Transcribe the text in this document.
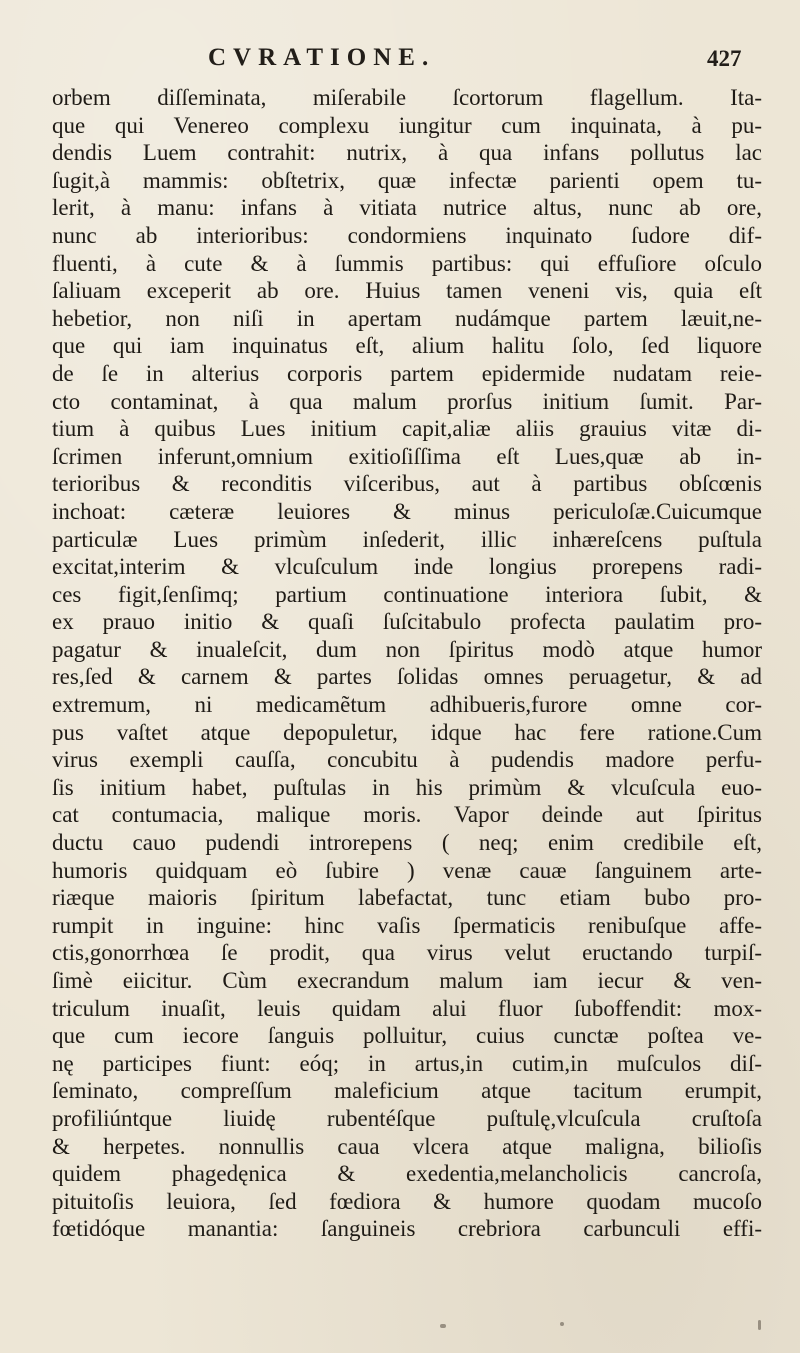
CVRATIONE.	427
orbem diſſeminata, miſerabile ſcortorum flagellum. Ita-
que qui Venereo complexu iungitur cum inquinata, à pu-
dendis Luem contrahit: nutrix, à qua infans pollutus lac
ſugit,à mammis: obſtetrix, quæ infectæ parienti opem tu-
lerit, à manu: infans à vitiata nutrice altus, nunc ab ore,
nunc ab interioribus: condormiens inquinato ſudore dif-
fluenti, à cute & à ſummis partibus: qui effuſiore oſculo
ſaliuam exceperit ab ore. Huius tamen veneni vis, quia eſt
hebetior, non niſi in apertam nudámque partem læuit,ne-
que qui iam inquinatus eſt, alium halitu ſolo, ſed liquore
de ſe in alterius corporis partem epidermide nudatam reie-
cto contaminat, à qua malum prorſus initium ſumit. Par-
tium à quibus Lues initium capit,aliæ aliis grauius vitæ di-
ſcrimen inferunt,omnium exitioſiſſima eſt Lues,quæ ab in-
terioribus & reconditis viſceribus, aut à partibus obſcœnis
inchoat: cæteræ leuiores & minus periculoſæ.Cuicumque
particulæ Lues primùm inſederit, illic inhæreſcens puſtula
excitat,interim & vlcuſculum inde longius prorepens radi-
ces figit,ſenſimq; partium continuatione interiora ſubit, &
ex prauo initio & quaſi ſuſcitabulo profecta paulatim pro-
pagatur & inualeſcit, dum non ſpiritus modò atque humor
res,ſed & carnem & partes ſolidas omnes peruagetur, & ad
extremum, ni medicamẽtum adhibueris,furore omne cor-
pus vaſtet atque depopuletur, idque hac fere ratione.Cum
virus exempli cauſſa, concubitu à pudendis madore perfu-
ſis initium habet, puſtulas in his primùm & vlcuſcula euo-
cat contumacia, malique moris. Vapor deinde aut ſpiritus
ductu cauo pudendi introrepens ( neq; enim credibile eſt,
humoris quidquam eò ſubire ) venæ cauæ ſanguinem arte-
riæque maioris ſpiritum labefactat, tunc etiam bubo pro-
rumpit in inguine: hinc vaſis ſpermaticis renibuſque affe-
ctis,gonorrhœa ſe prodit, qua virus velut eructando turpiſ-
ſimè eiicitur. Cùm execrandum malum iam iecur & ven-
triculum inuaſit, leuis quidam alui fluor ſuboffendit: mox-
que cum iecore ſanguis polluitur, cuius cunctæ poſtea ve-
nę participes fiunt: eóq; in artus,in cutim,in muſculos diſ-
ſeminato, compreſſum maleficium atque tacitum erumpit,
profiliúntque liuidę rubentéſque puſtulę,vlcuſcula cruſtoſa
& herpetes. nonnullis caua vlcera atque maligna, bilioſis
quidem phagedęnica & exedentia,melancholicis cancroſa,
pituitoſis leuiora, ſed fœdiora & humore quodam mucoſo
fœtidóque manantia: ſanguineis crebriora carbunculi effi-
